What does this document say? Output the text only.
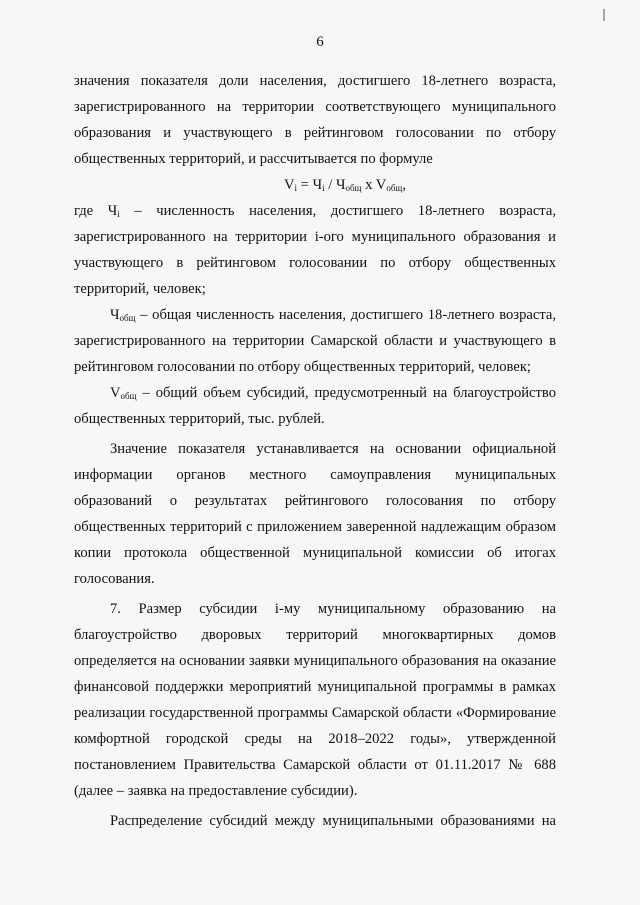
6

значения показателя доли населения, достигшего 18-летнего возраста, зарегистрированного на территории соответствующего муниципального образования и участвующего в рейтинговом голосовании по отбору общественных территорий, и рассчитывается по формуле

$V_i = Ч_i / Ч_{общ}$ x $V_{общ}$,

где $Ч_i$ – численность населения, достигшего 18-летнего возраста, зарегистрированного на территории i-ого муниципального образования и участвующего в рейтинговом голосовании по отбору общественных территорий, человек;

$Ч_{общ}$ – общая численность населения, достигшего 18-летнего возраста, зарегистрированного на территории Самарской области и участвующего в рейтинговом голосовании по отбору общественных территорий, человек;

$V_{общ}$ – общий объем субсидий, предусмотренный на благоустройство общественных территорий, тыс. рублей.

Значение показателя устанавливается на основании официальной информации органов местного самоуправления муниципальных образований о результатах рейтингового голосования по отбору общественных территорий с приложением заверенной надлежащим образом копии протокола общественной муниципальной комиссии об итогах голосования.

7. Размер субсидии i-му муниципальному образованию на благоустройство дворовых территорий многоквартирных домов определяется на основании заявки муниципального образования на оказание финансовой поддержки мероприятий муниципальной программы в рамках реализации государственной программы Самарской области «Формирование комфортной городской среды на 2018–2022 годы», утвержденной постановлением Правительства Самарской области от 01.11.2017 № 688 (далее – заявка на предоставление субсидии).

Распределение субсидий между муниципальными образованиями на
